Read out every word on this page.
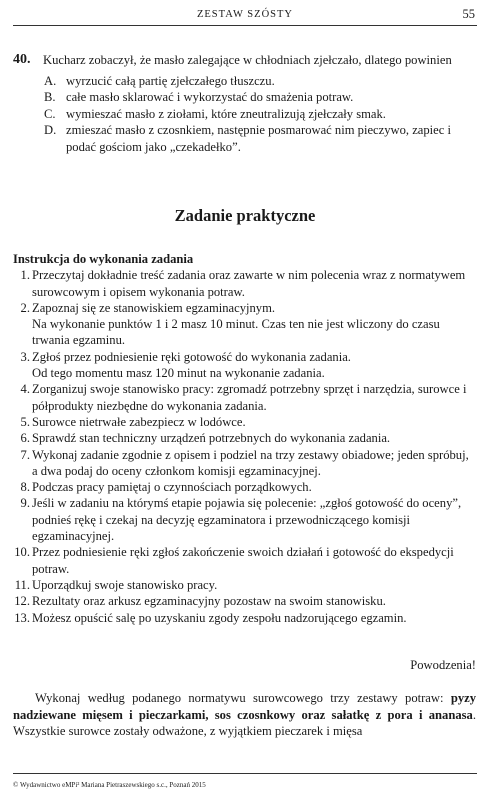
ZESTAW SZÓSTY	55
40. Kucharz zobaczył, że masło zalegające w chłodniach zjełczało, dlatego powinien
A. wyrzucić całą partię zjełczałego tłuszczu.
B. całe masło sklarować i wykorzystać do smażenia potraw.
C. wymieszać masło z ziołami, które zneutralizują zjełczały smak.
D. zmieszać masło z czosnkiem, następnie posmarować nim pieczywo, zapiec i podać gościom jako „czekadełko”.
Zadanie praktyczne
Instrukcja do wykonania zadania
1. Przeczytaj dokładnie treść zadania oraz zawarte w nim polecenia wraz z normatywem surowcowym i opisem wykonania potraw.
2. Zapoznaj się ze stanowiskiem egzaminacyjnym.
Na wykonanie punktów 1 i 2 masz 10 minut. Czas ten nie jest wliczony do czasu trwania egzaminu.
3. Zgłoś przez podniesienie ręki gotowość do wykonania zadania.
Od tego momentu masz 120 minut na wykonanie zadania.
4. Zorganizuj swoje stanowisko pracy: zgromadź potrzebny sprzęt i narzędzia, surowce i półprodukty niezbędne do wykonania zadania.
5. Surowce nietrwałe zabezpiecz w lodówce.
6. Sprawdź stan techniczny urządzeń potrzebnych do wykonania zadania.
7. Wykonaj zadanie zgodnie z opisem i podziel na trzy zestawy obiadowe; jeden spróbuj, a dwa podaj do oceny członkom komisji egzaminacyjnej.
8. Podczas pracy pamiętaj o czynnościach porządkowych.
9. Jeśli w zadaniu na którymś etapie pojawia się polecenie: „zgłoś gotowość do oceny”, podnieś rękę i czekaj na decyzję egzaminatora i przewodniczącego komisji egzaminacyjnej.
10. Przez podniesienie ręki zgłoś zakończenie swoich działań i gotowość do ekspedycji potraw.
11. Uporządkuj swoje stanowisko pracy.
12. Rezultaty oraz arkusz egzaminacyjny pozostaw na swoim stanowisku.
13. Możesz opuścić salę po uzyskaniu zgody zespołu nadzorującego egzamin.
Powodzenia!
Wykonaj według podanego normatywu surowcowego trzy zestawy potraw: pyzy nadziewane mięsem i pieczarkami, sos czosnkowy oraz sałatkę z pora i ananasa. Wszystkie surowce zostały odważone, z wyjątkiem pieczarek i mięsa
© Wydawnictwo eMPi² Mariana Pietraszewskiego s.c., Poznań 2015
